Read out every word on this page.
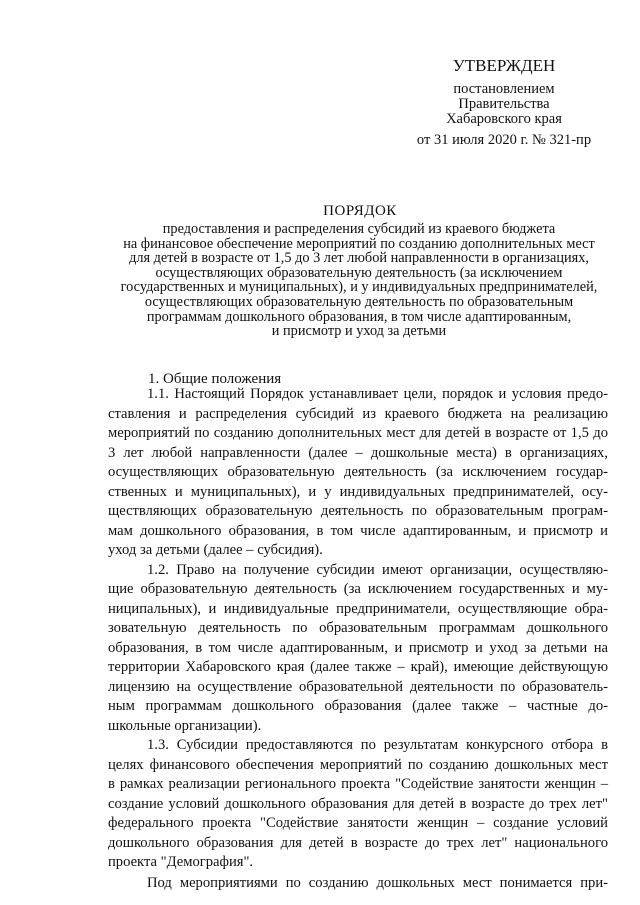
УТВЕРЖДЕН
постановлением
Правительства
Хабаровского края
от 31 июля 2020 г. № 321-пр
ПОРЯДОК
предоставления и распределения субсидий из краевого бюджета
на финансовое обеспечение мероприятий по созданию дополнительных мест
для детей в возрасте от 1,5 до 3 лет любой направленности в организациях,
осуществляющих образовательную деятельность (за исключением
государственных и муниципальных), и у индивидуальных предпринимателей,
осуществляющих образовательную деятельность по образовательным
программам дошкольного образования, в том числе адаптированным,
и присмотр и уход за детьми
1. Общие положения
1.1. Настоящий Порядок устанавливает цели, порядок и условия предо-
ставления и распределения субсидий из краевого бюджета на реализацию
мероприятий по созданию дополнительных мест для детей в возрасте от 1,5 до
3 лет любой направленности (далее – дошкольные места) в организациях,
осуществляющих образовательную деятельность (за исключением государ-
ственных и муниципальных), и у индивидуальных предпринимателей, осу-
ществляющих образовательную деятельность по образовательным програм-
мам дошкольного образования, в том числе адаптированным, и присмотр и
уход за детьми (далее – субсидия).
1.2. Право на получение субсидии имеют организации, осуществляю-
щие образовательную деятельность (за исключением государственных и му-
ниципальных), и индивидуальные предприниматели, осуществляющие обра-
зовательную деятельность по образовательным программам дошкольного
образования, в том числе адаптированным, и присмотр и уход за детьми на
территории Хабаровского края (далее также – край), имеющие действующую
лицензию на осуществление образовательной деятельности по образователь-
ным программам дошкольного образования (далее также – частные до-
школьные организации).
1.3. Субсидии предоставляются по результатам конкурсного отбора в
целях финансового обеспечения мероприятий по созданию дошкольных мест
в рамках реализации регионального проекта "Содействие занятости женщин –
создание условий дошкольного образования для детей в возрасте до трех лет"
федерального проекта "Содействие занятости женщин – создание условий
дошкольного образования для детей в возрасте до трех лет" национального
проекта "Демография".
Под мероприятиями по созданию дошкольных мест понимается при-
